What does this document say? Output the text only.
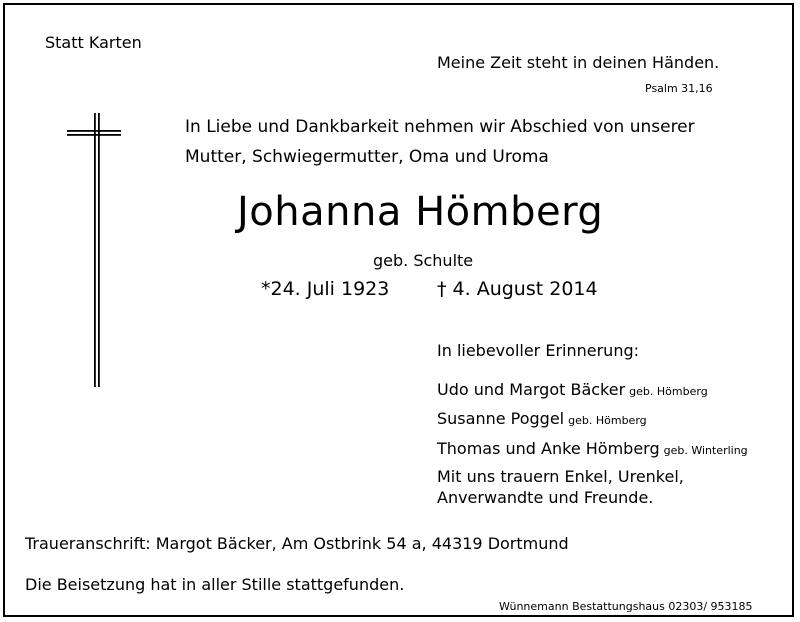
Statt Karten
Meine Zeit steht in deinen Händen.
Psalm 31,16
In Liebe und Dankbarkeit nehmen wir Abschied von unserer
Mutter, Schwiegermutter, Oma und Uroma
Johanna Hömberg
geb. Schulte
*24. Juli 1923	† 4. August 2014
In liebevoller Erinnerung:
Udo und Margot Bäcker geb. Hömberg
Susanne Poggel geb. Hömberg
Thomas und Anke Hömberg geb. Winterling
Mit uns trauern Enkel, Urenkel,
Anverwandte und Freunde.
Traueranschrift: Margot Bäcker, Am Ostbrink 54 a, 44319 Dortmund
Die Beisetzung hat in aller Stille stattgefunden.
Wünnemann Bestattungshaus 02303/ 953185
